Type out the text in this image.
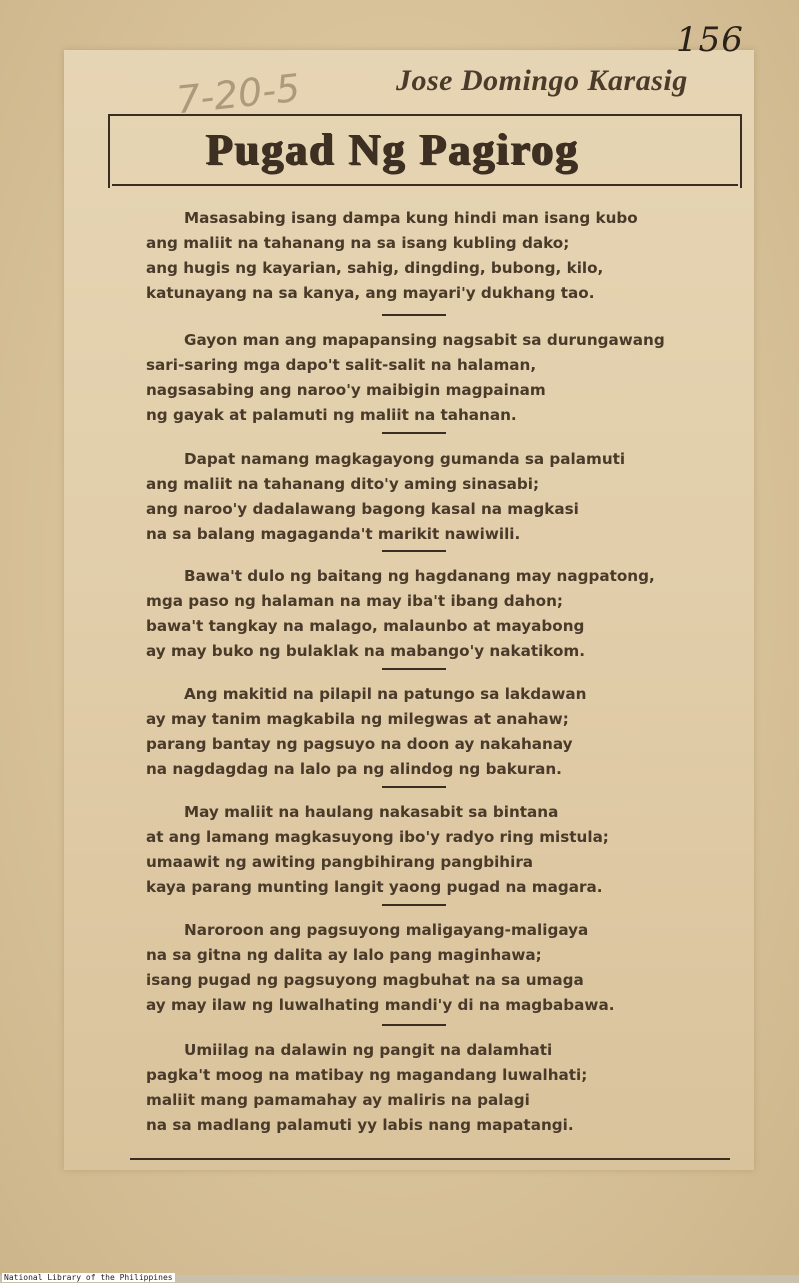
156
7-20-5	Jose Domingo Karasig
Pugad Ng Pagirog
Masasabing isang dampa kung hindi man isang kubo
ang maliit na tahanang na sa isang kubling dako;
ang hugis ng kayarian, sahig, dingding, bubong, kilo,
katunayang na sa kanya, ang mayari'y dukhang tao.
Gayon man ang mapapansing nagsabit sa durungawang
sari-saring mga dapo't salit-salit na halaman,
nagsasabing ang naroo'y maibigin magpainam
ng gayak at palamuti ng maliit na tahanan.
Dapat namang magkagayong gumanda sa palamuti
ang maliit na tahanang dito'y aming sinasabi;
ang naroo'y dadalawang bagong kasal na magkasi
na sa balang magaganda't marikit nawiwili.
Bawa't dulo ng baitang ng hagdanang may nagpatong,
mga paso ng halaman na may iba't ibang dahon;
bawa't tangkay na malago, malaunbo at mayabong
ay may buko ng bulaklak na mabango'y nakatikom.
Ang makitid na pilapil na patungo sa lakdawan
ay may tanim magkabila ng milegwas at anahaw;
parang bantay ng pagsuyo na doon ay nakahanay
na nagdagdag na lalo pa ng alindog ng bakuran.
May maliit na haulang nakasabit sa bintana
at ang lamang magkasuyong ibo'y radyo ring mistula;
umaawit ng awiting pangbihirang pangbihira
kaya parang munting langit yaong pugad na magara.
Naroroon ang pagsuyong maligayang-maligaya
na sa gitna ng dalita ay lalo pang maginhawa;
isang pugad ng pagsuyong magbuhat na sa umaga
ay may ilaw ng luwalhating mandi'y di na magbabawa.
Umiilag na dalawin ng pangit na dalamhati
pagka't moog na matibay ng magandang luwalhati;
maliit mang pamamahay ay maliris na palagi
na sa madlang palamuti yy labis nang mapatangi.
National Library of the Philippines
